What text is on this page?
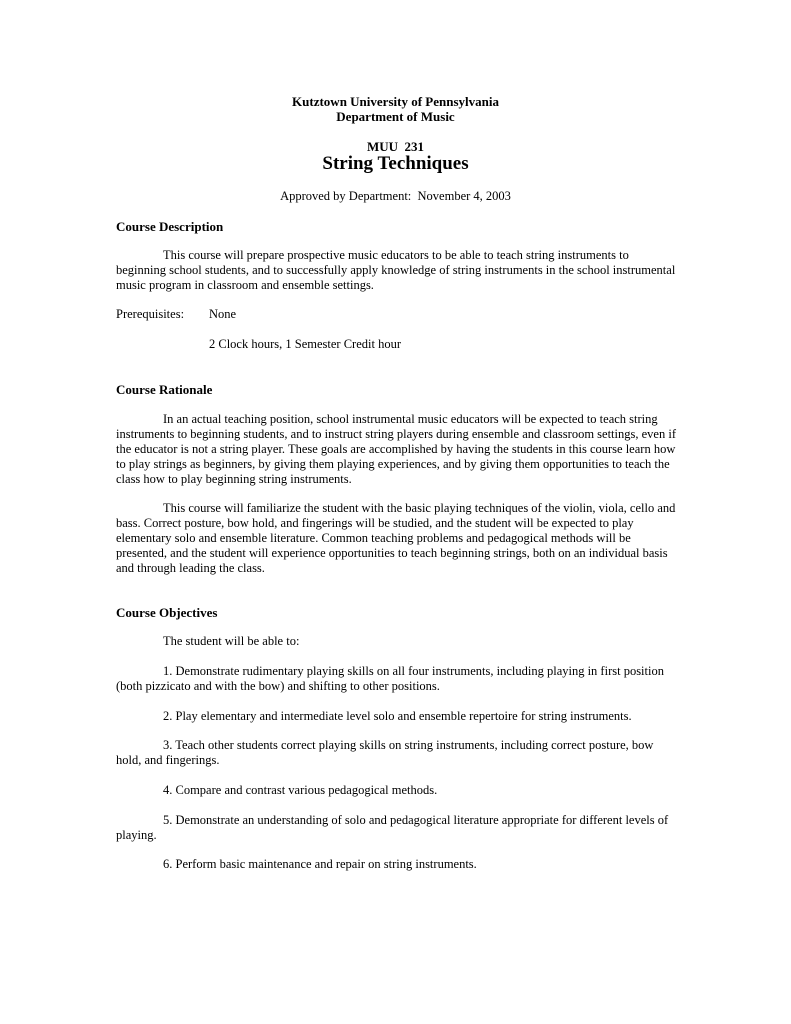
Kutztown University of Pennsylvania
Department of Music
MUU  231
String Techniques
Approved by Department:  November 4, 2003
Course Description

This course will prepare prospective music educators to be able to teach string instruments to beginning school students, and to successfully apply knowledge of string instruments in the school instrumental music program in classroom and ensemble settings.

Prerequisites: None
2 Clock hours, 1 Semester Credit hour
Course Rationale

In an actual teaching position, school instrumental music educators will be expected to teach string instruments to beginning students, and to instruct string players during ensemble and classroom settings, even if the educator is not a string player. These goals are accomplished by having the students in this course learn how to play strings as beginners, by giving them playing experiences, and by giving them opportunities to teach the class how to play beginning string instruments.

This course will familiarize the student with the basic playing techniques of the violin, viola, cello and bass. Correct posture, bow hold, and fingerings will be studied, and the student will be expected to play elementary solo and ensemble literature. Common teaching problems and pedagogical methods will be presented, and the student will experience opportunities to teach beginning strings, both on an individual basis and through leading the class.

Course Objectives
The student will be able to:

1. Demonstrate rudimentary playing skills on all four instruments, including playing in first position (both pizzicato and with the bow) and shifting to other positions.

2. Play elementary and intermediate level solo and ensemble repertoire for string instruments.

3. Teach other students correct playing skills on string instruments, including correct posture, bow hold, and fingerings.

4. Compare and contrast various pedagogical methods.

5. Demonstrate an understanding of solo and pedagogical literature appropriate for different levels of playing.

6. Perform basic maintenance and repair on string instruments.
